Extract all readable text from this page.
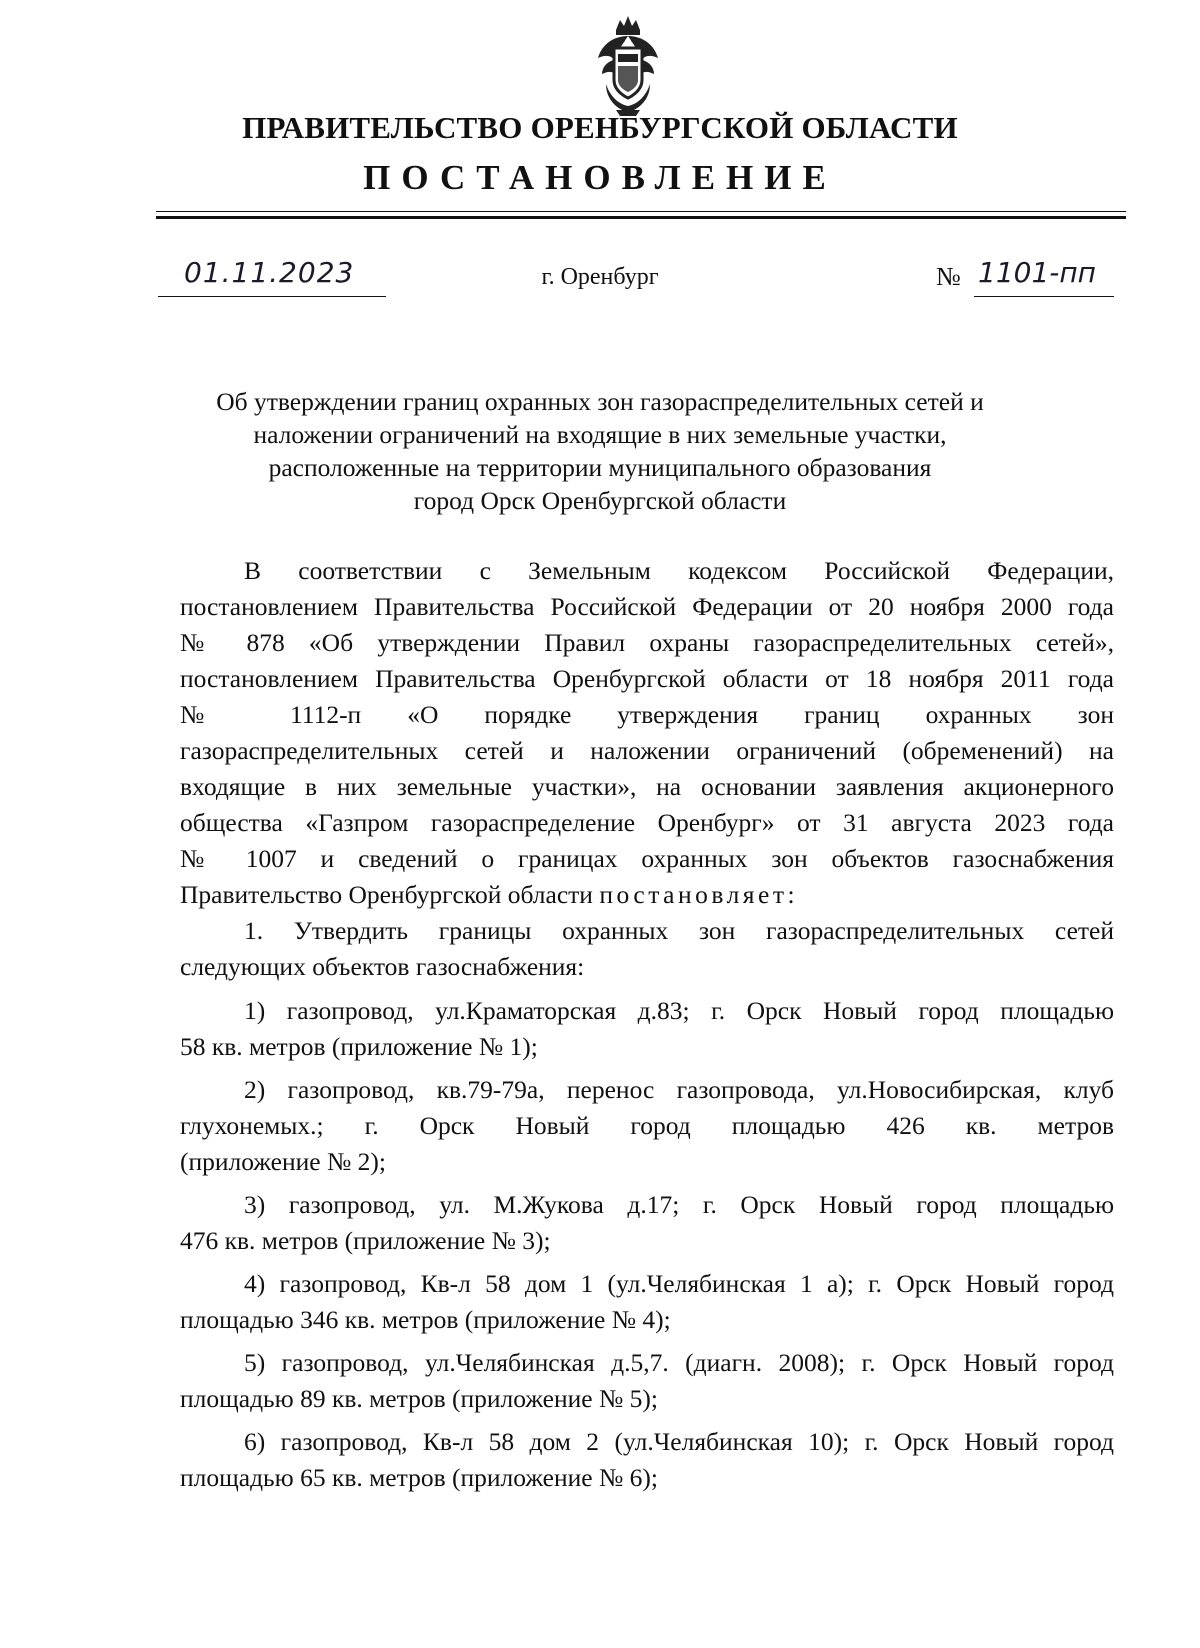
ПРАВИТЕЛЬСТВО ОРЕНБУРГСКОЙ ОБЛАСТИ
ПОСТАНОВЛЕНИЕ
01.11.2023	г. Оренбург	№ 1101-пп
Об утверждении границ охранных зон газораспределительных сетей и
наложении ограничений на входящие в них земельные участки,
расположенные на территории муниципального образования
город Орск Оренбургской области
В соответствии с Земельным кодексом Российской Федерации,
постановлением Правительства Российской Федерации от 20 ноября 2000 года
№ 878 «Об утверждении Правил охраны газораспределительных сетей»,
постановлением Правительства Оренбургской области от 18 ноября 2011 года
№ 1112-п «О порядке утверждения границ охранных зон
газораспределительных сетей и наложении ограничений (обременений) на
входящие в них земельные участки», на основании заявления акционерного
общества «Газпром газораспределение Оренбург» от 31 августа 2023 года
№ 1007 и сведений о границах охранных зон объектов газоснабжения
Правительство Оренбургской области постановляет:
1. Утвердить границы охранных зон газораспределительных сетей
следующих объектов газоснабжения:
1) газопровод, ул.Краматорская д.83; г. Орск Новый город площадью
58 кв. метров (приложение № 1);
2) газопровод, кв.79-79а, перенос газопровода, ул.Новосибирская, клуб
глухонемых.; г. Орск Новый город площадью 426 кв. метров
(приложение № 2);
3) газопровод, ул. М.Жукова д.17; г. Орск Новый город площадью
476 кв. метров (приложение № 3);
4) газопровод, Кв-л 58 дом 1 (ул.Челябинская 1 а); г. Орск Новый город
площадью 346 кв. метров (приложение № 4);
5) газопровод, ул.Челябинская д.5,7. (диагн. 2008); г. Орск Новый город
площадью 89 кв. метров (приложение № 5);
6) газопровод, Кв-л 58 дом 2 (ул.Челябинская 10); г. Орск Новый город
площадью 65 кв. метров (приложение № 6);
